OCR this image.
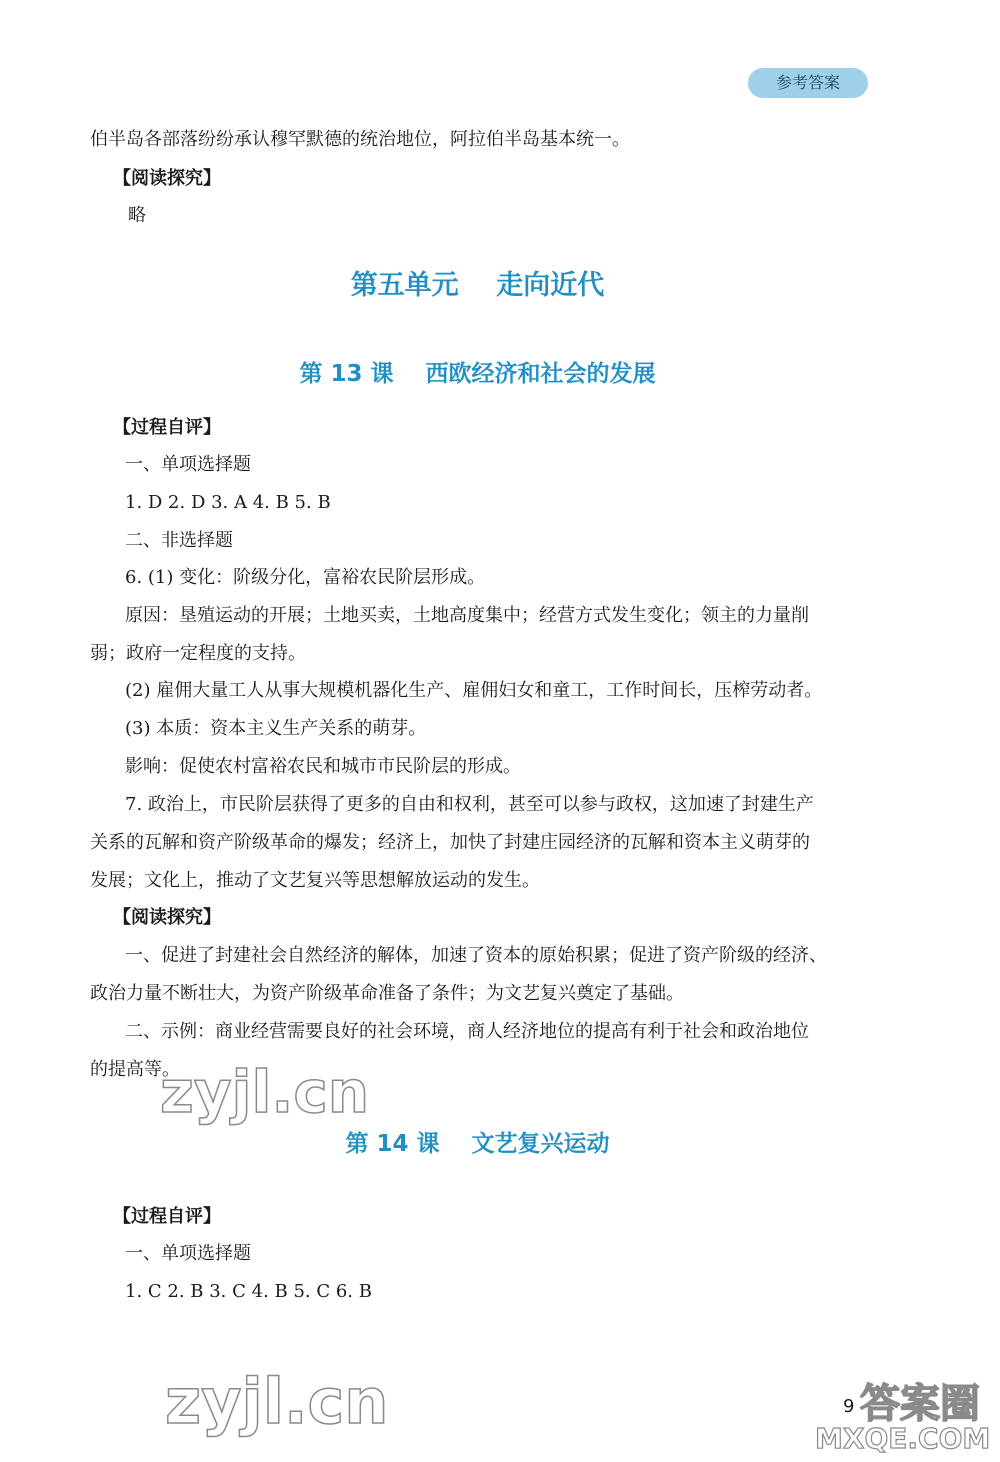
参考答案
伯半岛各部落纷纷承认穆罕默德的统治地位，阿拉伯半岛基本统一。
【阅读探究】
略
第五单元    走向近代
第 13 课    西欧经济和社会的发展
【过程自评】
一、单项选择题
1. D 2. D 3. A 4. B 5. B
二、非选择题
6. (1) 变化：阶级分化，富裕农民阶层形成。
原因：垦殖运动的开展；土地买卖，土地高度集中；经营方式发生变化；领主的力量削
弱；政府一定程度的支持。
(2) 雇佣大量工人从事大规模机器化生产、雇佣妇女和童工，工作时间长，压榨劳动者。
(3) 本质：资本主义生产关系的萌芽。
影响：促使农村富裕农民和城市市民阶层的形成。
7. 政治上，市民阶层获得了更多的自由和权利，甚至可以参与政权，这加速了封建生产
关系的瓦解和资产阶级革命的爆发；经济上，加快了封建庄园经济的瓦解和资本主义萌芽的
发展；文化上，推动了文艺复兴等思想解放运动的发生。
【阅读探究】
一、促进了封建社会自然经济的解体，加速了资本的原始积累；促进了资产阶级的经济、
政治力量不断壮大，为资产阶级革命准备了条件；为文艺复兴奠定了基础。
二、示例：商业经营需要良好的社会环境，商人经济地位的提高有利于社会和政治地位
的提高等。
zyjl.cn
第 14 课    文艺复兴运动
【过程自评】
一、单项选择题
1. C 2. B 3. C 4. B 5. C 6. B
zyjl.cn	答案圈
MXQE.COM
9
